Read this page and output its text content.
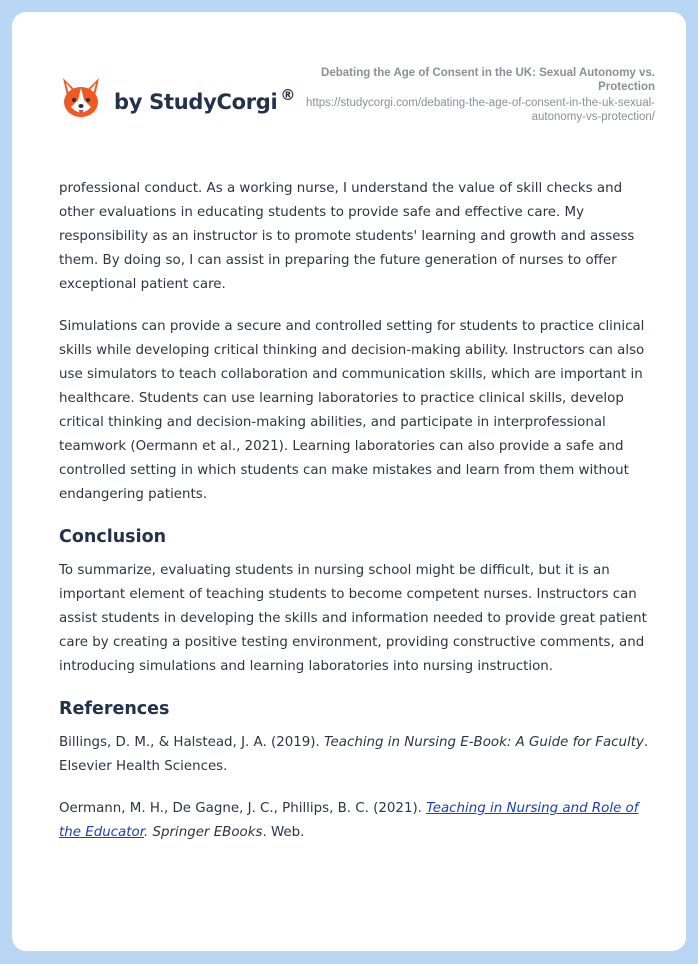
by StudyCorgi ®
Debating the Age of Consent in the UK: Sexual Autonomy vs. Protection
https://studycorgi.com/debating-the-age-of-consent-in-the-uk-sexual-autonomy-vs-protection/

professional conduct. As a working nurse, I understand the value of skill checks and other evaluations in educating students to provide safe and effective care. My responsibility as an instructor is to promote students' learning and growth and assess them. By doing so, I can assist in preparing the future generation of nurses to offer exceptional patient care.

Simulations can provide a secure and controlled setting for students to practice clinical skills while developing critical thinking and decision-making ability. Instructors can also use simulators to teach collaboration and communication skills, which are important in healthcare. Students can use learning laboratories to practice clinical skills, develop critical thinking and decision-making abilities, and participate in interprofessional teamwork (Oermann et al., 2021). Learning laboratories can also provide a safe and controlled setting in which students can make mistakes and learn from them without endangering patients.

Conclusion

To summarize, evaluating students in nursing school might be difficult, but it is an important element of teaching students to become competent nurses. Instructors can assist students in developing the skills and information needed to provide great patient care by creating a positive testing environment, providing constructive comments, and introducing simulations and learning laboratories into nursing instruction.

References

Billings, D. M., & Halstead, J. A. (2019). Teaching in Nursing E-Book: A Guide for Faculty. Elsevier Health Sciences.

Oermann, M. H., De Gagne, J. C., Phillips, B. C. (2021). Teaching in Nursing and Role of the Educator. Springer EBooks. Web.
